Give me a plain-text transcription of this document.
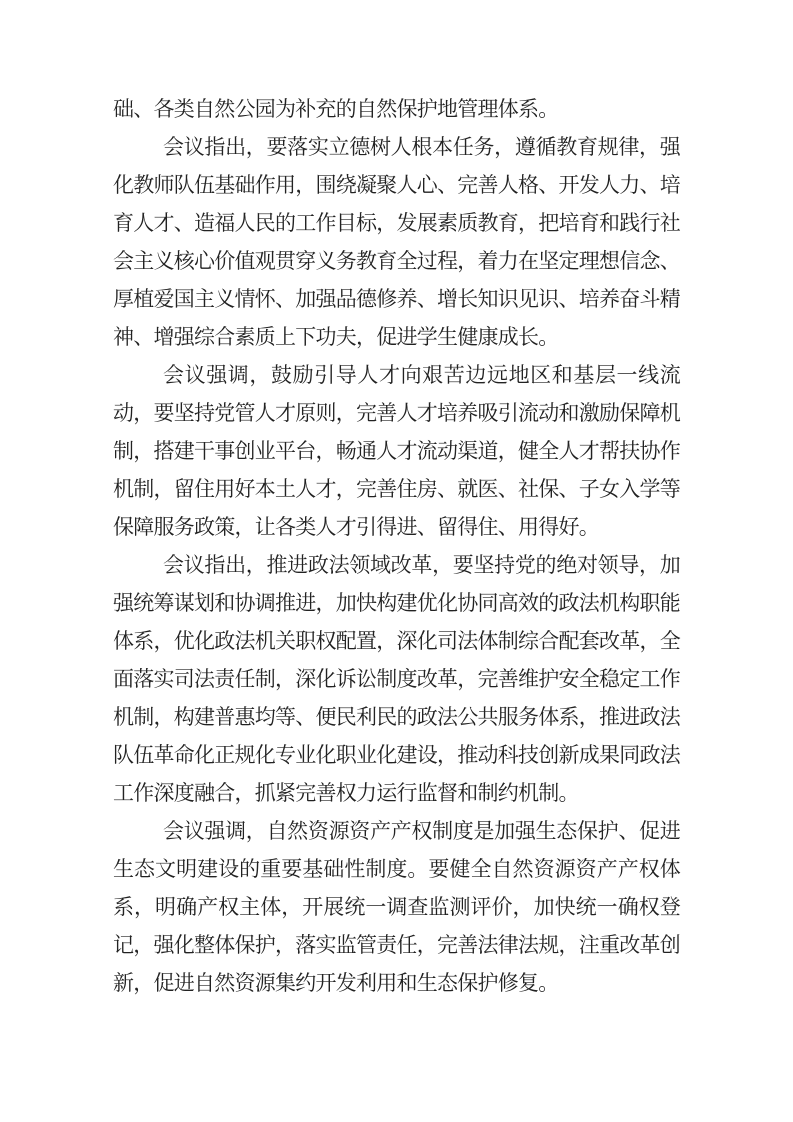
础、各类自然公园为补充的自然保护地管理体系。

会议指出，要落实立德树人根本任务，遵循教育规律，强化教师队伍基础作用，围绕凝聚人心、完善人格、开发人力、培育人才、造福人民的工作目标，发展素质教育，把培育和践行社会主义核心价值观贯穿义务教育全过程，着力在坚定理想信念、厚植爱国主义情怀、加强品德修养、增长知识见识、培养奋斗精神、增强综合素质上下功夫，促进学生健康成长。

会议强调，鼓励引导人才向艰苦边远地区和基层一线流动，要坚持党管人才原则，完善人才培养吸引流动和激励保障机制，搭建干事创业平台，畅通人才流动渠道，健全人才帮扶协作机制，留住用好本土人才，完善住房、就医、社保、子女入学等保障服务政策，让各类人才引得进、留得住、用得好。

会议指出，推进政法领域改革，要坚持党的绝对领导，加强统筹谋划和协调推进，加快构建优化协同高效的政法机构职能体系，优化政法机关职权配置，深化司法体制综合配套改革，全面落实司法责任制，深化诉讼制度改革，完善维护安全稳定工作机制，构建普惠均等、便民利民的政法公共服务体系，推进政法队伍革命化正规化专业化职业化建设，推动科技创新成果同政法工作深度融合，抓紧完善权力运行监督和制约机制。

会议强调，自然资源资产产权制度是加强生态保护、促进生态文明建设的重要基础性制度。要健全自然资源资产产权体系，明确产权主体，开展统一调查监测评价，加快统一确权登记，强化整体保护，落实监管责任，完善法律法规，注重改革创新，促进自然资源集约开发利用和生态保护修复。
